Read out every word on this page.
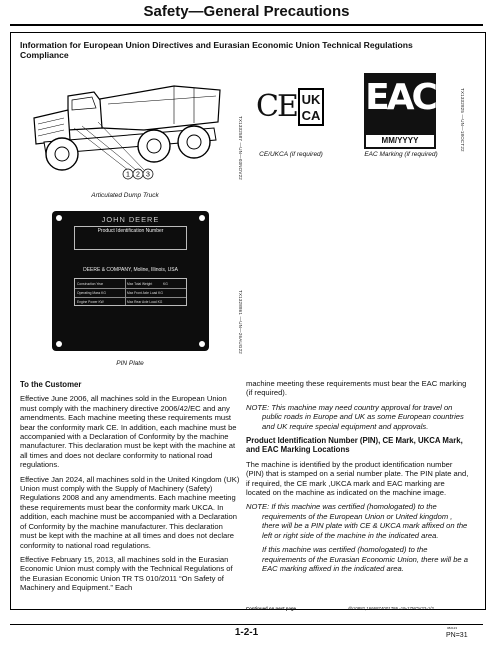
Safety—General Precautions
Information for European Union Directives and Eurasian Economic Union Technical Regulations Compliance
1 2 3
Articulated Dump Truck
TX1332587 —UN—03NOV22
CE UK
CA
CE/UKCA (if required)
EAC
MM/YYYY
EAC Marking (if required)
TX1332825 —UN—18OCT22
JOHN DEERE
Product Identification Number
DEERE & COMPANY, Moline, Illinois, USA
Construction Year	Max Total Weight	KG
Operating Mass KG	Max Front Axle Load KG
Engine Power KW	Max Rear Axle Load KG
PIN Plate
TX1328861 —UN—26AUG22
To the Customer

Effective June 2006, all machines sold in the European Union must comply with the machinery directive 2006/42/EC and any amendments. Each machine meeting these requirements must bear the conformity mark CE. In addition, each machine must be accompanied with a Declaration of Conformity by the machine manufacturer. This declaration must be kept with the machine at all times and does not declare conformity to national road regulations.

Effective Jan 2024, all machines sold in the United Kingdom (UK) Union must comply with the Supply of Machinery (Safety) Regulations 2008 and any amendments. Each machine meeting these requirements must bear the conformity mark UKCA. In addition, each machine must be accompanied with a Declaration of Conformity by the machine manufacturer. This declaration must be kept with the machine at all times and does not declare conformity to national road regulations.

Effective February 15, 2013, all machines sold in the Eurasian Economic Union must comply with the Technical Regulations of the Eurasian Economic Union TR TS 010/2011 “On Safety of Machinery and Equipment.” Each

machine meeting these requirements must bear the EAC marking (if required).

NOTE: This machine may need country approval for travel on public roads in Europe and UK as some European countries and UK require special equipment and approvals.

Product Identification Number (PIN), CE Mark, UKCA Mark, and EAC Marking Locations

The machine is identified by the product identification number (PIN) that is stamped on a serial number plate. The PIN plate and, if required, the CE mark ,UKCA mark and EAC marking are located on the machine as indicated on the machine image.

NOTE: If this machine was certified (homologated) to the requirements of the European Union or United kingdom , there will be a PIN plate with CE & UKCA mark affixed on the left or right side of the machine in the indicated area.

If this machine was certified (homologated) to the requirements of the Eurasian Economic Union, there will be a EAC marking affixed in the indicated area.

Continued on next page	dh10882,1666874001786 -19-17NOV22-1/2
1-2-1	082123
PN=31
